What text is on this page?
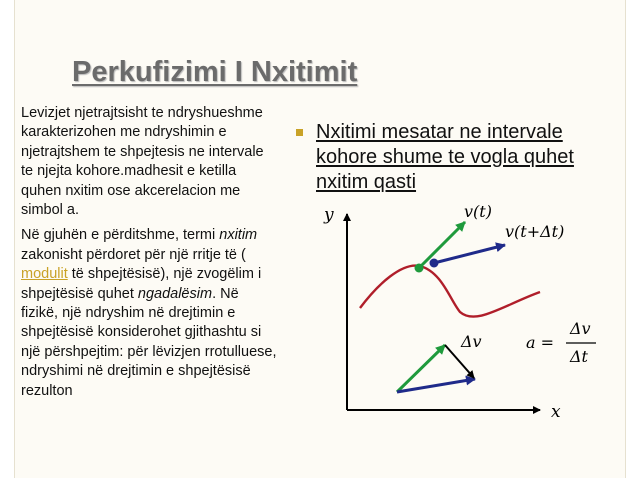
Perkufizimi I Nxitimit

Levizjet njetrajtsisht te ndryshueshme karakterizohen me ndryshimin e njetrajtshem te shpejtesis ne intervale te njejta kohore.madhesit e ketilla quhen nxitim ose akcerelacion me simbol a.

Në gjuhën e përditshme, termi nxitim zakonisht përdoret për një rritje të ( modulit të shpejtësisë), një zvogëlim i shpejtësisë quhet ngadalësim. Në fizikë, një ndryshim në drejtimin e shpejtësisë konsiderohet gjithashtu si një përshpejtim: për lëvizjen rrotulluese, ndryshimi në drejtimin e shpejtësisë rezulton

Nxitimi mesatar ne intervale kohore shume te vogla quhet nxitim qasti
y
x
v(t)
v(t+Δt)
Δv	a =
Δv
Δt
